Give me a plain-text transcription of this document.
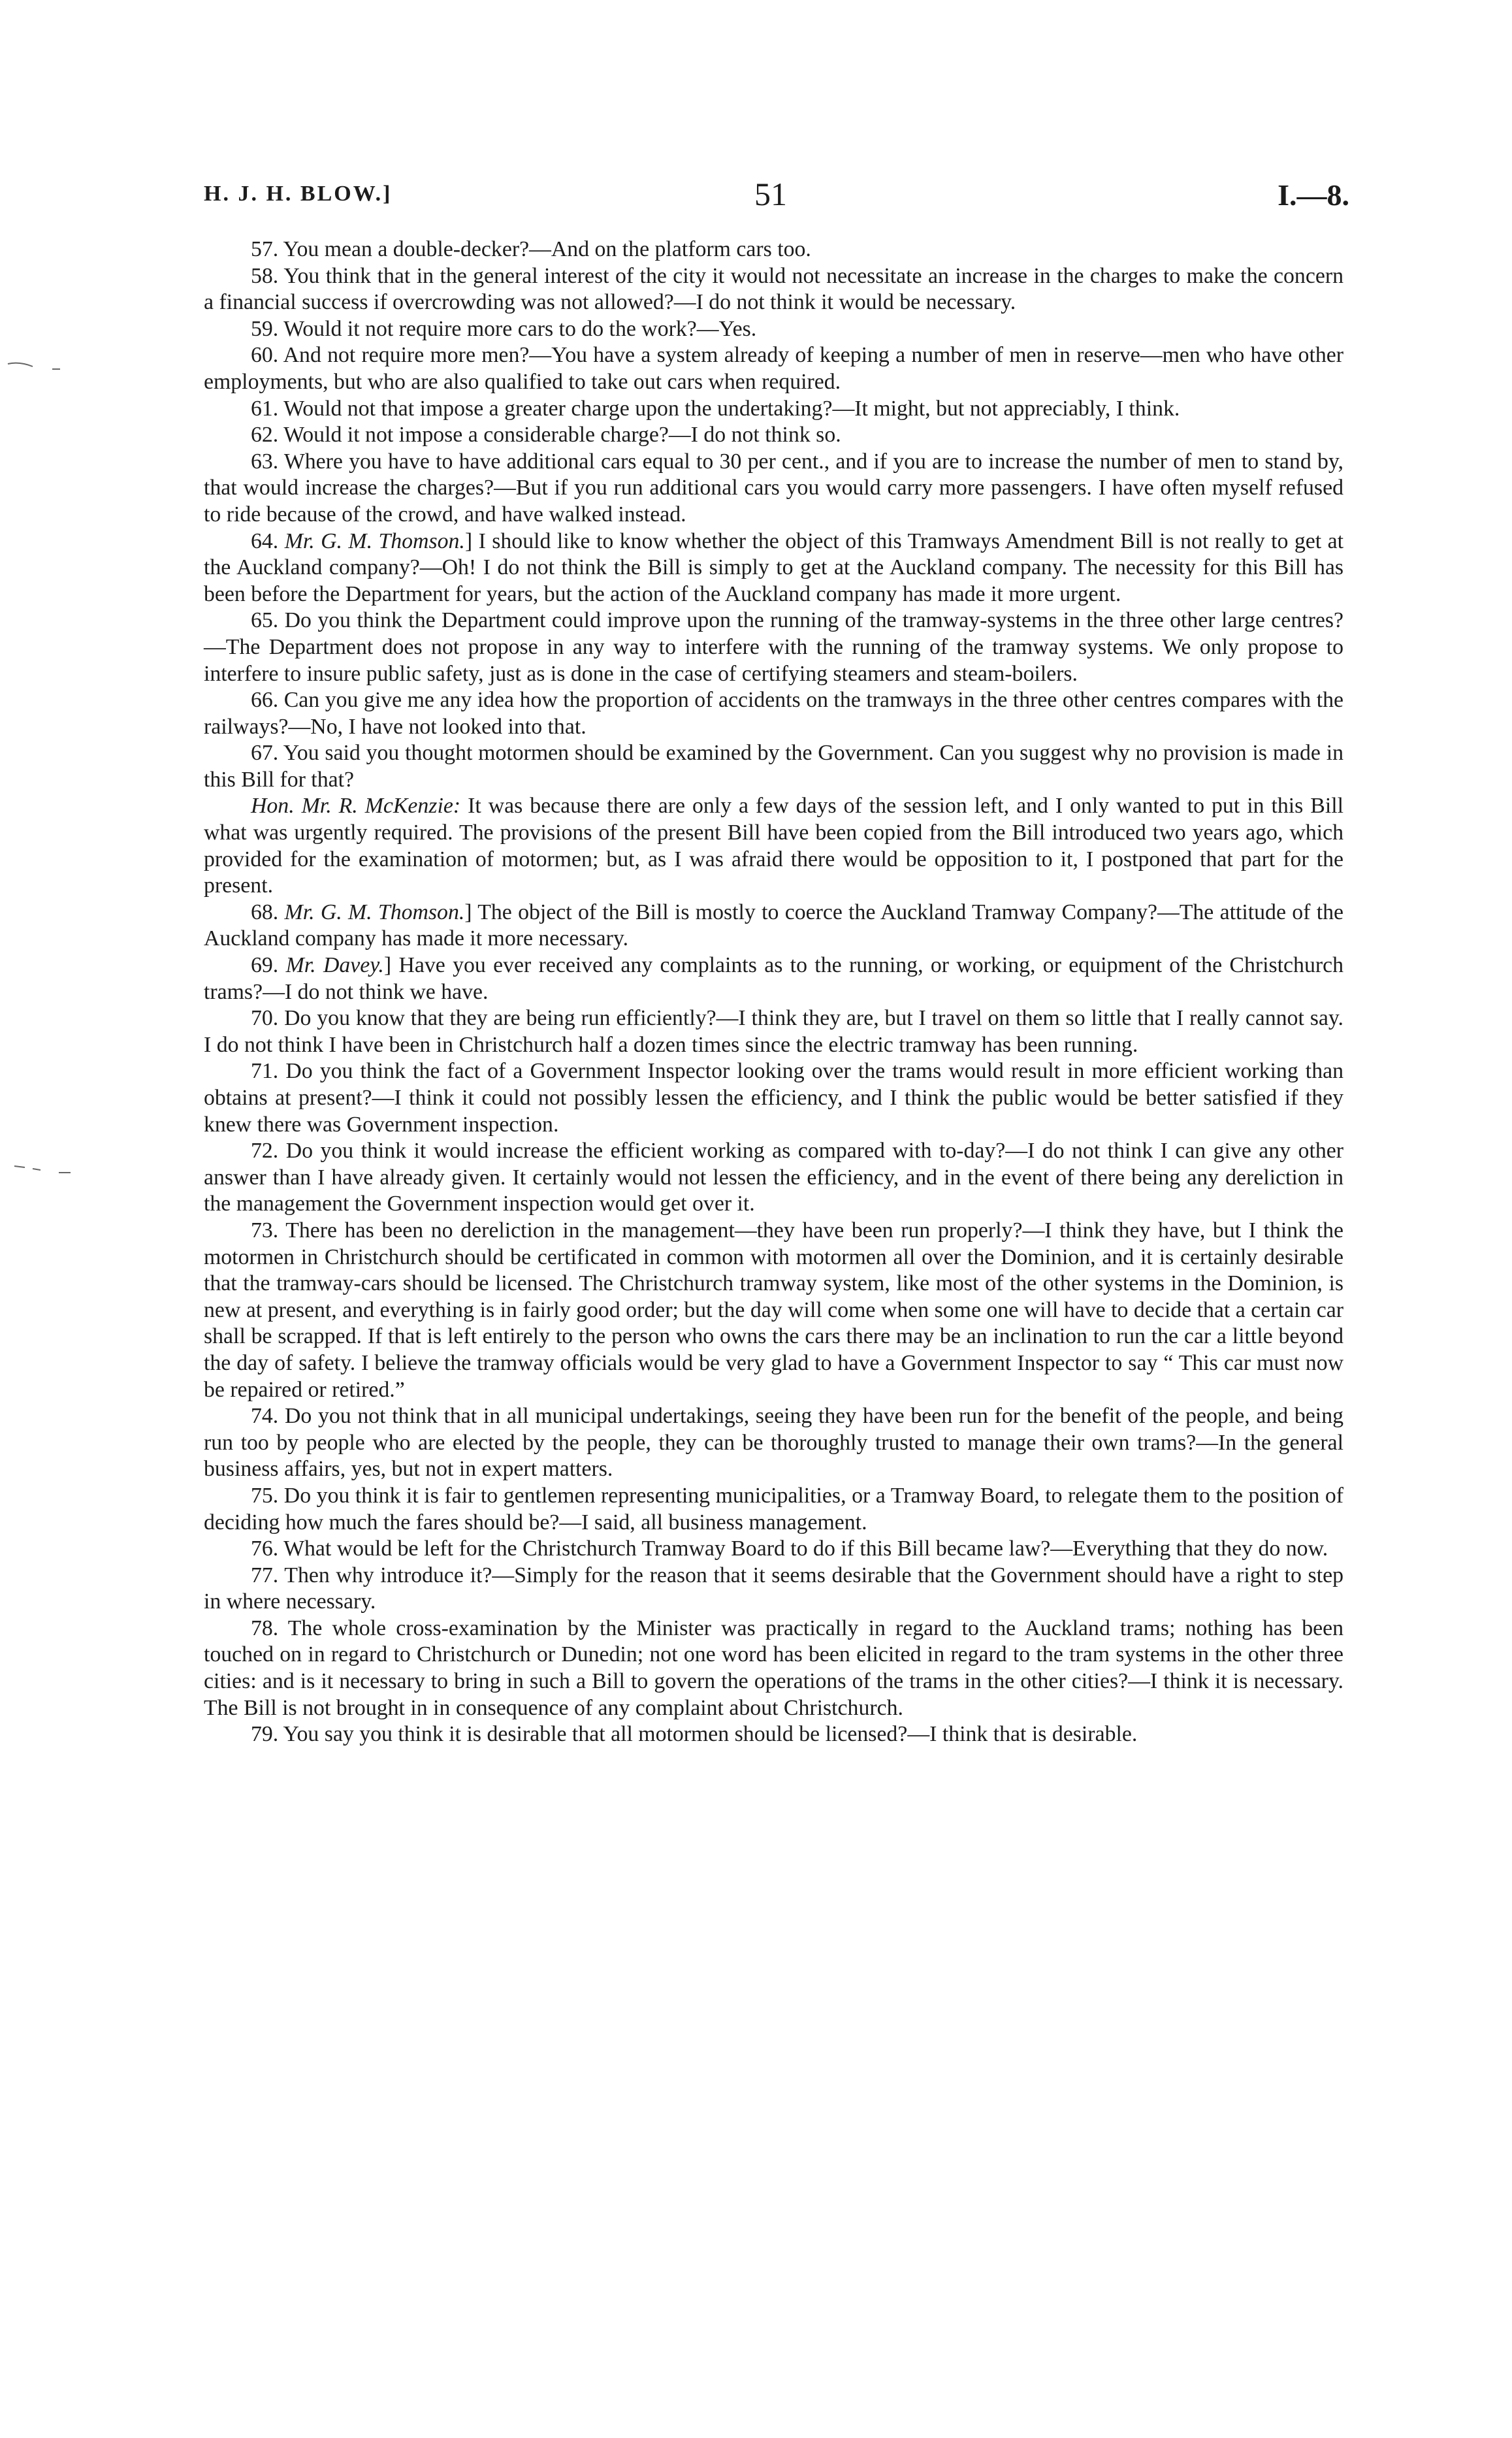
H. J. H. BLOW.]	51	I.—8.

57. You mean a double-decker?—And on the platform cars too.

58. You think that in the general interest of the city it would not necessitate an increase in the charges to make the concern a financial success if overcrowding was not allowed?—I do not think it would be necessary.

59. Would it not require more cars to do the work?—Yes.

60. And not require more men?—You have a system already of keeping a number of men in reserve—men who have other employments, but who are also qualified to take out cars when required.

61. Would not that impose a greater charge upon the undertaking?—It might, but not appreciably, I think.

62. Would it not impose a considerable charge?—I do not think so.

63. Where you have to have additional cars equal to 30 per cent., and if you are to increase the number of men to stand by, that would increase the charges?—But if you run additional cars you would carry more passengers. I have often myself refused to ride because of the crowd, and have walked instead.

64. Mr. G. M. Thomson.] I should like to know whether the object of this Tramways Amendment Bill is not really to get at the Auckland company?—Oh! I do not think the Bill is simply to get at the Auckland company. The necessity for this Bill has been before the Department for years, but the action of the Auckland company has made it more urgent.

65. Do you think the Department could improve upon the running of the tramway-systems in the three other large centres?—The Department does not propose in any way to interfere with the running of the tramway systems. We only propose to interfere to insure public safety, just as is done in the case of certifying steamers and steam-boilers.

66. Can you give me any idea how the proportion of accidents on the tramways in the three other centres compares with the railways?—No, I have not looked into that.

67. You said you thought motormen should be examined by the Government. Can you suggest why no provision is made in this Bill for that?

Hon. Mr. R. McKenzie: It was because there are only a few days of the session left, and I only wanted to put in this Bill what was urgently required. The provisions of the present Bill have been copied from the Bill introduced two years ago, which provided for the examination of motormen; but, as I was afraid there would be opposition to it, I postponed that part for the present.

68. Mr. G. M. Thomson.] The object of the Bill is mostly to coerce the Auckland Tramway Company?—The attitude of the Auckland company has made it more necessary.

69. Mr. Davey.] Have you ever received any complaints as to the running, or working, or equipment of the Christchurch trams?—I do not think we have.

70. Do you know that they are being run efficiently?—I think they are, but I travel on them so little that I really cannot say. I do not think I have been in Christchurch half a dozen times since the electric tramway has been running.

71. Do you think the fact of a Government Inspector looking over the trams would result in more efficient working than obtains at present?—I think it could not possibly lessen the efficiency, and I think the public would be better satisfied if they knew there was Government inspection.

72. Do you think it would increase the efficient working as compared with to-day?—I do not think I can give any other answer than I have already given. It certainly would not lessen the efficiency, and in the event of there being any dereliction in the management the Government inspection would get over it.

73. There has been no dereliction in the management—they have been run properly?—I think they have, but I think the motormen in Christchurch should be certificated in common with motormen all over the Dominion, and it is certainly desirable that the tramway-cars should be licensed. The Christchurch tramway system, like most of the other systems in the Dominion, is new at present, and everything is in fairly good order; but the day will come when some one will have to decide that a certain car shall be scrapped. If that is left entirely to the person who owns the cars there may be an inclination to run the car a little beyond the day of safety. I believe the tramway officials would be very glad to have a Government Inspector to say “ This car must now be repaired or retired.”

74. Do you not think that in all municipal undertakings, seeing they have been run for the benefit of the people, and being run too by people who are elected by the people, they can be thoroughly trusted to manage their own trams?—In the general business affairs, yes, but not in expert matters.

75. Do you think it is fair to gentlemen representing municipalities, or a Tramway Board, to relegate them to the position of deciding how much the fares should be?—I said, all business management.

76. What would be left for the Christchurch Tramway Board to do if this Bill became law?—Everything that they do now.

77. Then why introduce it?—Simply for the reason that it seems desirable that the Government should have a right to step in where necessary.

78. The whole cross-examination by the Minister was practically in regard to the Auckland trams; nothing has been touched on in regard to Christchurch or Dunedin; not one word has been elicited in regard to the tram systems in the other three cities: and is it necessary to bring in such a Bill to govern the operations of the trams in the other cities?—I think it is necessary. The Bill is not brought in in consequence of any complaint about Christchurch.

79. You say you think it is desirable that all motormen should be licensed?—I think that is desirable.
